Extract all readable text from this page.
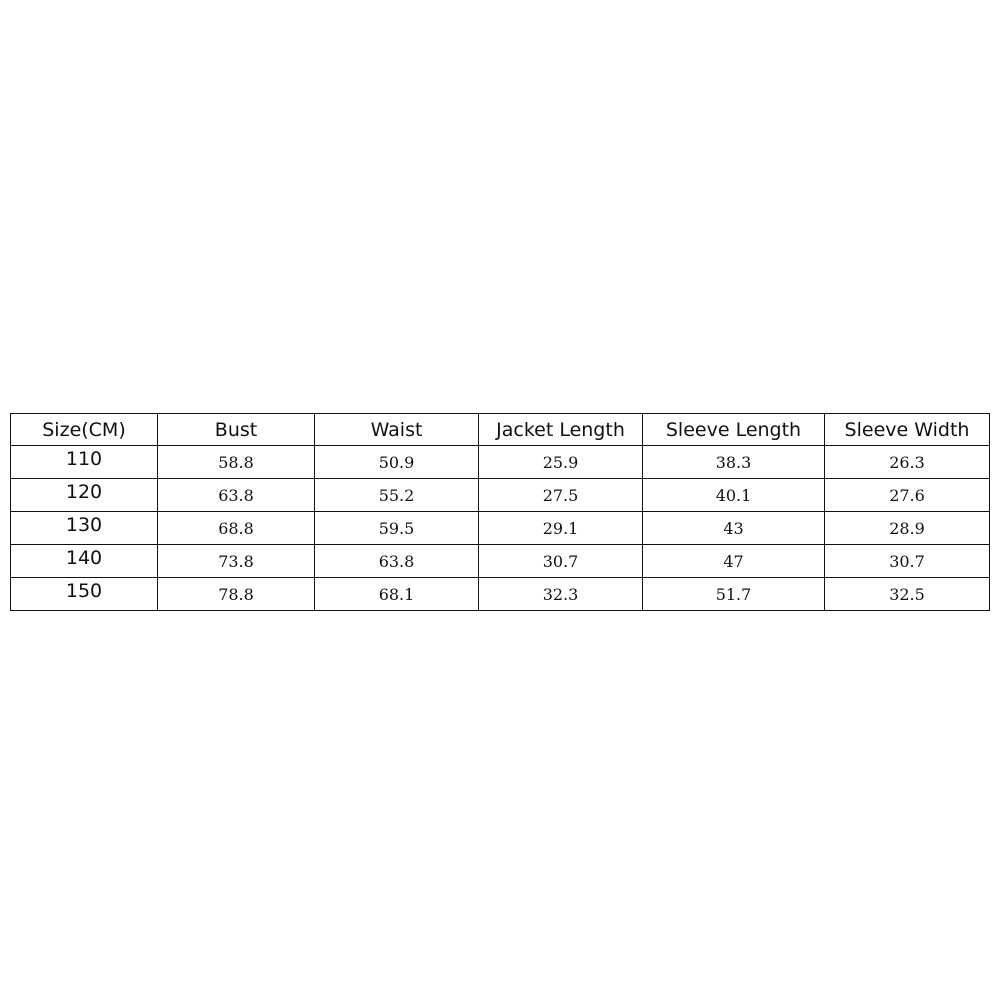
Size(CM)	Bust	Waist	Jacket Length	Sleeve Length	Sleeve Width
110	58.8	50.9	25.9	38.3	26.3
120	63.8	55.2	27.5	40.1	27.6
130	68.8	59.5	29.1	43	28.9
140	73.8	63.8	30.7	47	30.7
150	78.8	68.1	32.3	51.7	32.5
